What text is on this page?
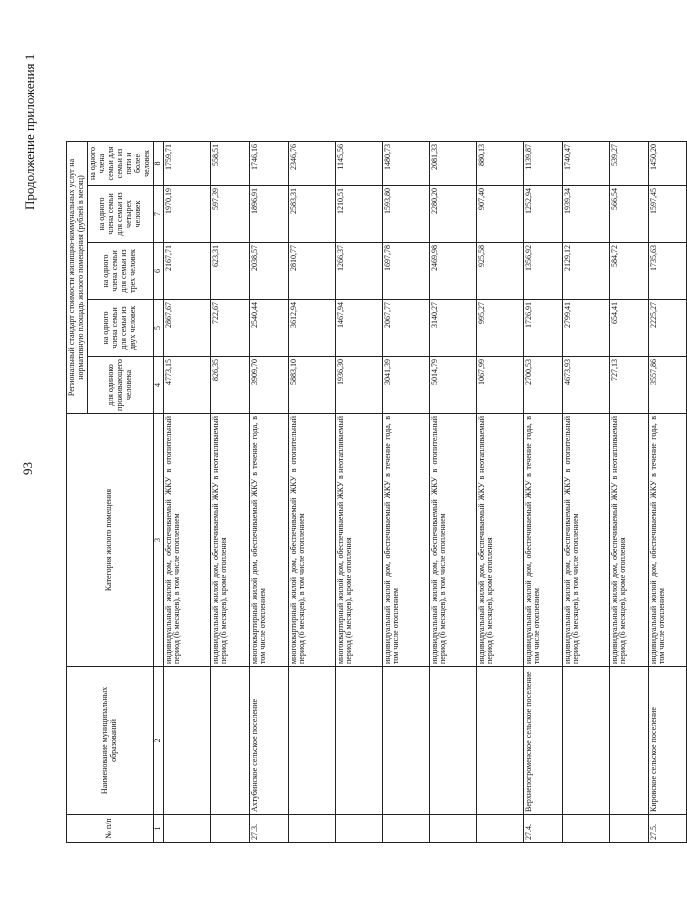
93
Продолжение приложения 1
№ п/п	Наименование муниципальных образований	Категория жилого помещения	Региональный стандарт стоимости жилищно-коммунальных услуг на нормативную площадь жилого помещения (рублей в месяц)				
			для одиноко проживающего человека	на одного члена семьи для семьи из двух человек	на одного члена семьи для семьи из трех человек	на одного члена семьи для семьи из четырех человек	на одного члена семьи для семьи из пяти и более человек
1	2	3	4	5	6	7	8
		индивидуальный жилой дом, обеспечиваемый ЖКУ в отопительный период (6 месяцев), в том числе отоплением	4773,15	2867,67	2167,71	1970,19	1759,71
		индивидуальный жилой дом, обеспечиваемый ЖКУ в неотапливаемый период (6 месяцев), кроме отопления	826,35	722,67	623,31	597,39	558,51
27.3.	Ахтубинское сельское поселение	многоквартирный жилой дом, обеспечиваемый ЖКУ в течение года, в том числе отоплением	3909,70	2540,44	2038,57	1896,91	1746,16
		многоквартирный жилой дом, обеспечиваемый ЖКУ в отопительный период (6 месяцев), в том числе отоплением	5883,10	3612,94	2810,77	2583,31	2346,76
		многоквартирный жилой дом, обеспечиваемый ЖКУ в неотапливаемый период (6 месяцев), кроме отопления	1936,30	1467,94	1266,37	1210,51	1145,56
		индивидуальный жилой дом, обеспечиваемый ЖКУ в течение года, в том числе отоплением	3041,39	2067,77	1697,78	1593,80	1480,73
		индивидуальный жилой дом, обеспечиваемый ЖКУ в отопительный период (6 месяцев), в том числе отоплением	5014,79	3140,27	2469,98	2280,20	2081,33
		индивидуальный жилой дом, обеспечиваемый ЖКУ в неотапливаемый период (6 месяцев), кроме отопления	1067,99	995,27	925,58	907,40	880,13
27.4.	Верхнепогроменское сельское поселение	индивидуальный жилой дом, обеспечиваемый ЖКУ в течение года, в том числе отоплением	2700,53	1726,91	1356,92	1252,94	1139,87
		индивидуальный жилой дом, обеспечиваемый ЖКУ в отопительный период (6 месяцев), в том числе отоплением	4673,93	2799,41	2129,12	1939,34	1740,47
		индивидуальный жилой дом, обеспечиваемый ЖКУ в неотапливаемый период (6 месяцев), кроме отопления	727,13	654,41	584,72	566,54	539,27
27.5.	Кировское сельское поселение	индивидуальный жилой дом, обеспечиваемый ЖКУ в течение года, в том числе отоплением	3557,86	2225,27	1735,63	1597,45	1450,20
